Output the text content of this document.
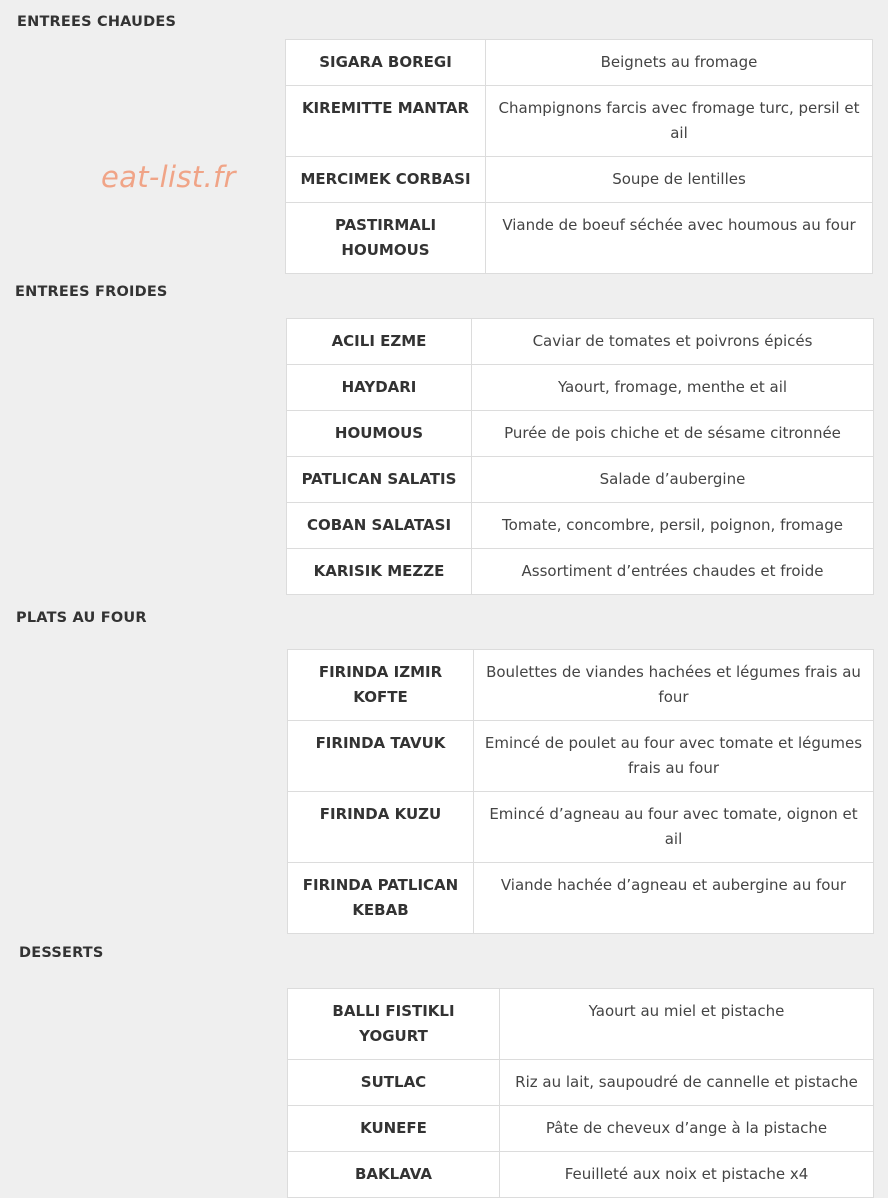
eat-list.fr
ENTREES CHAUDES
SIGARA BOREGI	Beignets au fromage
KIREMITTE MANTAR	Champignons farcis avec fromage turc, persil et ail
MERCIMEK CORBASI	Soupe de lentilles
PASTIRMALI HOUMOUS	Viande de boeuf séchée avec houmous au four
ENTREES FROIDES
ACILI EZME	Caviar de tomates et poivrons épicés
HAYDARI	Yaourt, fromage, menthe et ail
HOUMOUS	Purée de pois chiche et de sésame citronnée
PATLICAN SALATIS	Salade d’aubergine
COBAN SALATASI	Tomate, concombre, persil, poignon, fromage
KARISIK MEZZE	Assortiment d’entrées chaudes et froide
PLATS AU FOUR
FIRINDA IZMIR KOFTE	Boulettes de viandes hachées et légumes frais au four
FIRINDA TAVUK	Emincé de poulet au four avec tomate et légumes frais au four
FIRINDA KUZU	Emincé d’agneau au four avec tomate, oignon et ail
FIRINDA PATLICAN KEBAB	Viande hachée d’agneau et aubergine au four
DESSERTS
BALLI FISTIKLI YOGURT	Yaourt au miel et pistache
SUTLAC	Riz au lait, saupoudré de cannelle et pistache
KUNEFE	Pâte de cheveux d’ange à la pistache
BAKLAVA	Feuilleté aux noix et pistache x4
